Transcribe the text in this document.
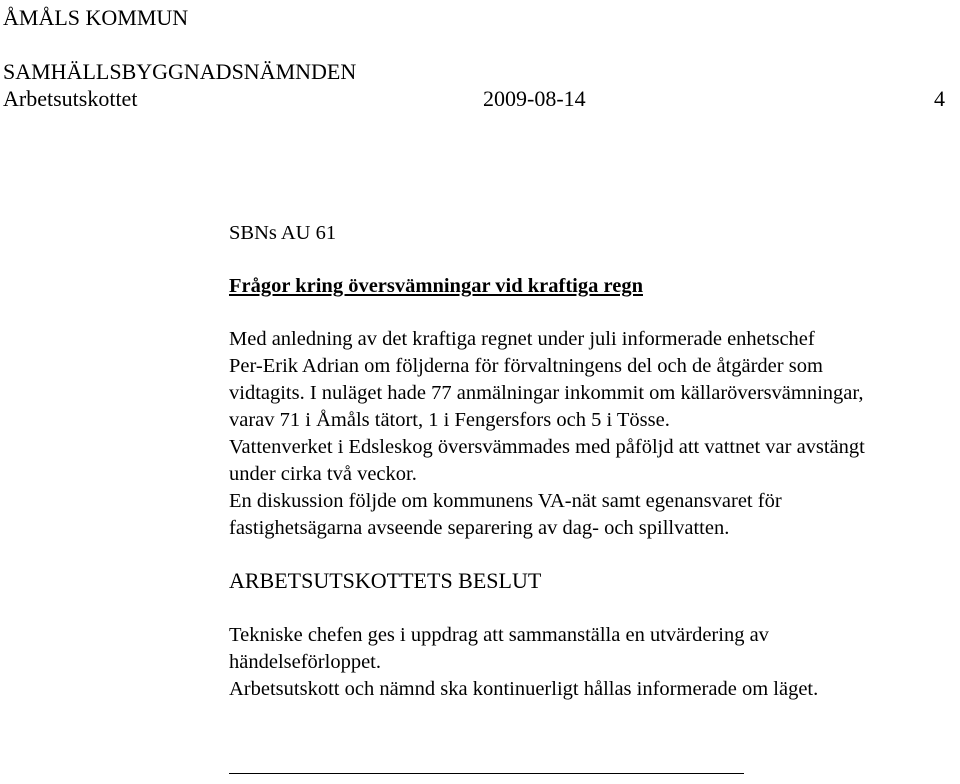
ÅMÅLS KOMMUN
SAMHÄLLSBYGGNADSNÄMNDEN
Arbetsutskottet	2009-08-14	4
SBNs AU 61
Frågor kring översvämningar vid kraftiga regn
Med anledning av det kraftiga regnet under juli informerade enhetschef
Per-Erik Adrian om följderna för förvaltningens del och de åtgärder som
vidtagits. I nuläget hade 77 anmälningar inkommit om källaröversvämningar,
varav 71 i Åmåls tätort, 1 i Fengersfors och 5 i Tösse.
Vattenverket i Edsleskog översvämmades med påföljd att vattnet var avstängt
under cirka två veckor.
En diskussion följde om kommunens VA-nät samt egenansvaret för
fastighetsägarna avseende separering av dag- och spillvatten.
ARBETSUTSKOTTETS BESLUT
Tekniske chefen ges i uppdrag att sammanställa en utvärdering av
händelseförloppet.
Arbetsutskott och nämnd ska kontinuerligt hållas informerade om läget.
